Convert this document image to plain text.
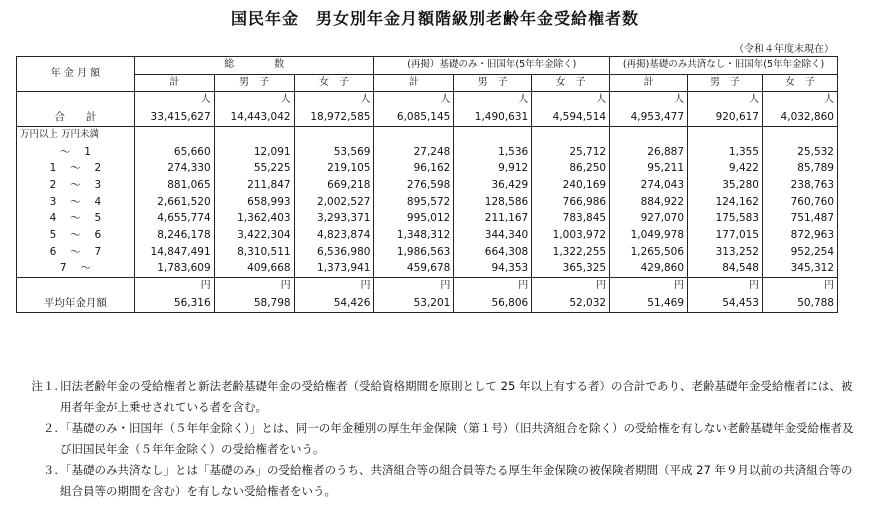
国民年金　男女別年金月額階級別老齢年金受給権者数
（令和４年度末現在）
年 金 月 額	総　　　　数			(再掲）基礎のみ・旧国年(5年年金除く)			(再掲)基礎のみ共済なし・旧国年(5年年金除く)		
	計	男　子	女　子	計	男　子	女　子	計	男　子	女　子
	人	人	人	人	人	人	人	人	人
合　　計	33,415,627	14,443,042	18,972,585	6,085,145	1,490,631	4,594,514	4,953,477	920,617	4,032,860
万円以上 万円未満									
～　 1	65,660	12,091	53,569	27,248	1,536	25,712	26,887	1,355	25,532
1　 ～　 2	274,330	55,225	219,105	96,162	9,912	86,250	95,211	9,422	85,789
2　 ～　 3	881,065	211,847	669,218	276,598	36,429	240,169	274,043	35,280	238,763
3　 ～　 4	2,661,520	658,993	2,002,527	895,572	128,586	766,986	884,922	124,162	760,760
4　 ～　 5	4,655,774	1,362,403	3,293,371	995,012	211,167	783,845	927,070	175,583	751,487
5　 ～　 6	8,246,178	3,422,304	4,823,874	1,348,312	344,340	1,003,972	1,049,978	177,015	872,963
6　 ～　 7	14,847,491	8,310,511	6,536,980	1,986,563	664,308	1,322,255	1,265,506	313,252	952,254
7　 ～	1,783,609	409,668	1,373,941	459,678	94,353	365,325	429,860	84,548	345,312
	円	円	円	円	円	円	円	円	円
平均年金月額	56,316	58,798	54,426	53,201	56,806	52,032	51,469	54,453	50,788
注１. 旧法老齢年金の受給権者と新法老齢基礎年金の受給権者（受給資格期間を原則として 25 年以上有する者）の合計であり、老齢基礎年金受給権者には、被用者年金が上乗せされている者を含む。
２. 「基礎のみ・旧国年（５年年金除く）」とは、同一の年金種別の厚生年金保険（第１号）（旧共済組合を除く）の受給権を有しない老齢基礎年金受給権者及び旧国民年金（５年年金除く）の受給権者をいう。
３. 「基礎のみ共済なし」とは「基礎のみ」の受給権者のうち、共済組合等の組合員等たる厚生年金保険の被保険者期間（平成 27 年９月以前の共済組合等の組合員等の期間を含む）を有しない受給権者をいう。
